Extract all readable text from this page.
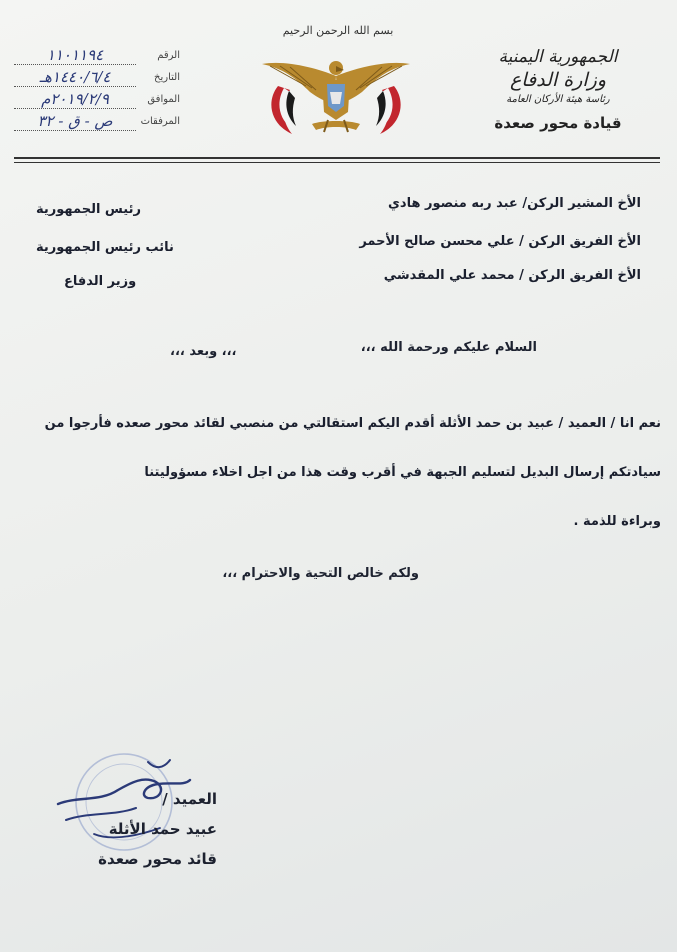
بسم الله الرحمن الرحيم
الجمهورية اليمنية
وزارة الدفاع
رئاسة هيئة الأركان العامة
قيادة محور صعدة
الرقم
١١٠١١٩٤
التاريخ
١٤٤٠/٦/٤هـ
الموافق
٢٠١٩/٢/٩م
المرفقات
ص - ق - ٣٢
الأخ المشير الركن/ عبد ربه منصور هادي
رئيس الجمهورية
الأخ الفريق الركن / علي محسن صالح الأحمر
نائب رئيس الجمهورية
الأخ الفريق الركن / محمد علي المقدشي
وزير الدفاع
السلام عليكم ورحمة الله ،،،
،،، وبعد ،،،
نعم انا / العميد / عبيد بن حمد الأثلة أقدم اليكم استقالتي من منصبي لقائد محور صعده فأرجوا من
سيادتكم إرسال البديل لتسليم الجبهة في أقرب وقت هذا من اجل اخلاء مسؤوليتنا
وبراءة للذمة .
ولكم خالص التحية والاحترام ،،،
العميد /
عبيد حمد الأثلة
قائد محور صعدة
